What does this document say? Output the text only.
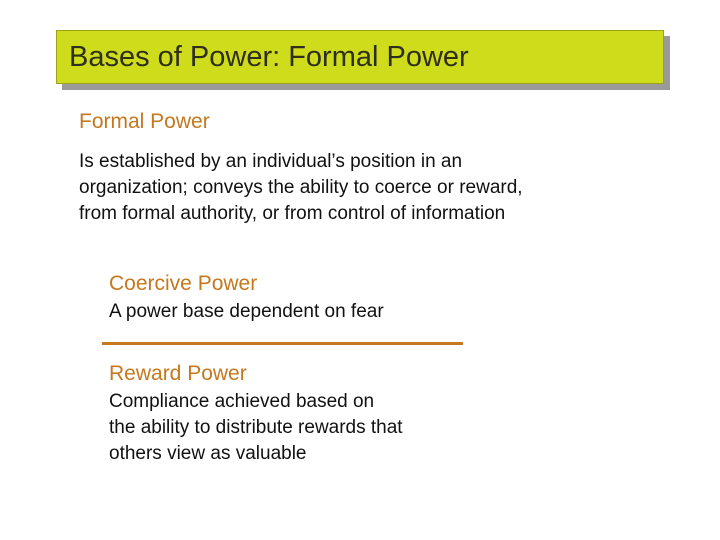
Bases of Power: Formal Power
Formal Power
Is established by an individual’s position in an
organization; conveys the ability to coerce or reward,
from formal authority, or from control of information
Coercive Power
A power base dependent on fear
Reward Power
Compliance achieved based on
the ability to distribute rewards that
others view as valuable
